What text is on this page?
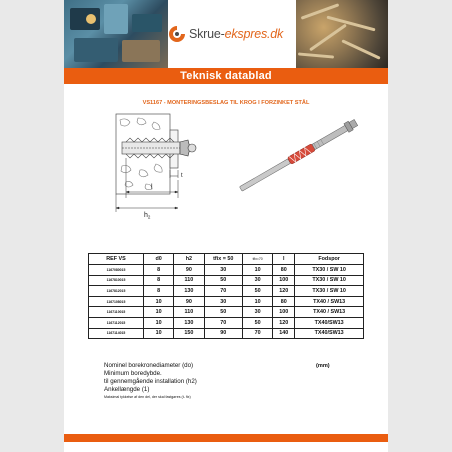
Skrue-ekspres.dk
Teknisk datablad
VS1167 - MONTERINGSBESLAG TIL KROG I FORZINKET STÅL
t
l
$h_2$
REF VS	d0	h2	tfix = 50	tfix=70	l	Fodspor
1167080015	8	90	30	10	80	TX30 / SW 10
1167810015	8	110	50	30	100	TX30 / SW 10
1167812015	8	130	70	50	120	TX30 / SW 10
1167108015	10	90	30	10	80	TX40 / SW13
1167110015	10	110	50	30	100	TX40 / SW13
1167112015	10	130	70	50	120	TX40/SW13
1167114015	10	150	90	70	140	TX40/SW13
Nominel borekronediameter (do)	(mm)
Minimum boredybde.
til gennemgående installation (h2)
Ankellængde (1)
Maksimal tykkelse af den del, der skal fastgøres (t- fix)
kundeservice@skrue-ekspres.dk
